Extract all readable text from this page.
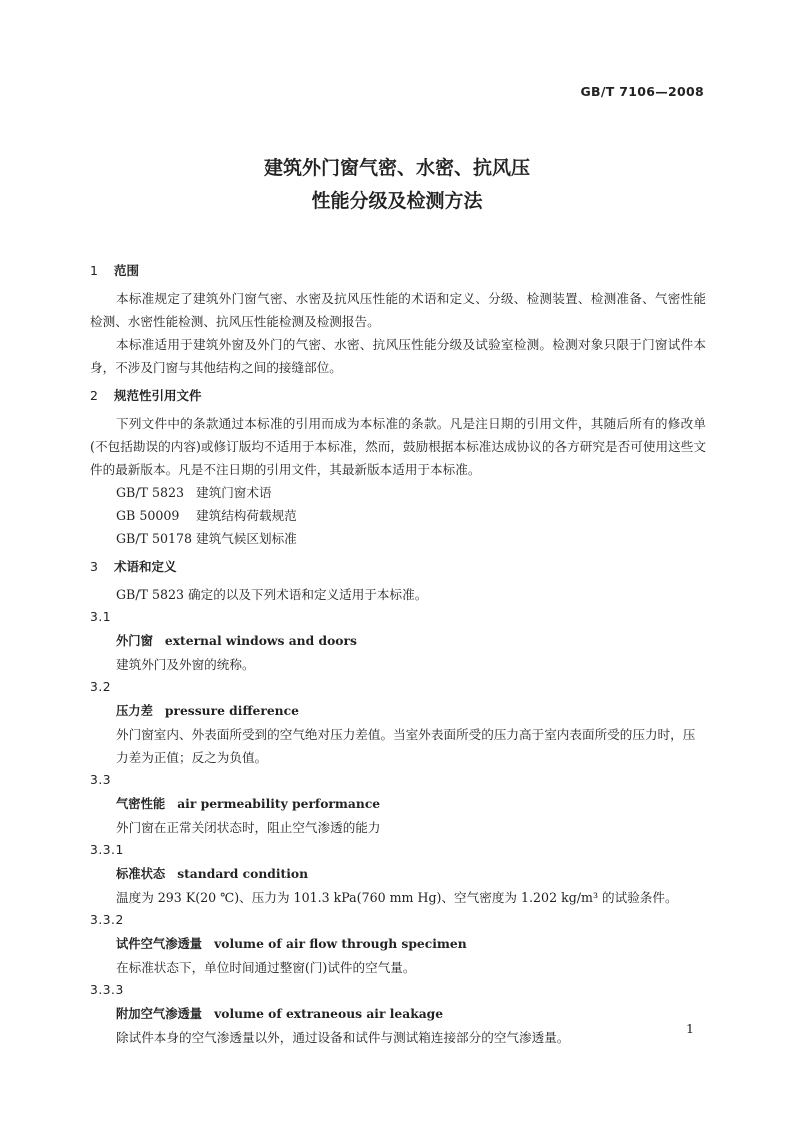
GB/T 7106—2008
建筑外门窗气密、水密、抗风压
性能分级及检测方法

1 范围

本标准规定了建筑外门窗气密、水密及抗风压性能的术语和定义、分级、检测装置、检测准备、气密性能检测、水密性能检测、抗风压性能检测及检测报告。

本标准适用于建筑外窗及外门的气密、水密、抗风压性能分级及试验室检测。检测对象只限于门窗试件本身，不涉及门窗与其他结构之间的接缝部位。

2 规范性引用文件

下列文件中的条款通过本标准的引用而成为本标准的条款。凡是注日期的引用文件，其随后所有的修改单(不包括勘误的内容)或修订版均不适用于本标准，然而，鼓励根据本标准达成协议的各方研究是否可使用这些文件的最新版本。凡是不注日期的引用文件，其最新版本适用于本标准。

GB/T 5823 建筑门窗术语

GB 50009 建筑结构荷载规范

GB/T 50178 建筑气候区划标准

3 术语和定义

GB/T 5823 确定的以及下列术语和定义适用于本标准。

3.1

外门窗 external windows and doors

建筑外门及外窗的统称。

3.2

压力差 pressure difference

外门窗室内、外表面所受到的空气绝对压力差值。当室外表面所受的压力高于室内表面所受的压力时，压力差为正值；反之为负值。

3.3

气密性能 air permeability performance

外门窗在正常关闭状态时，阻止空气渗透的能力

3.3.1

标准状态 standard condition

温度为 293 K(20 ℃)、压力为 101.3 kPa(760 mm Hg)、空气密度为 1.202 kg/m³ 的试验条件。

3.3.2

试件空气渗透量 volume of air flow through specimen

在标准状态下，单位时间通过整窗(门)试件的空气量。

3.3.3

附加空气渗透量 volume of extraneous air leakage

除试件本身的空气渗透量以外，通过设备和试件与测试箱连接部分的空气渗透量。

1
